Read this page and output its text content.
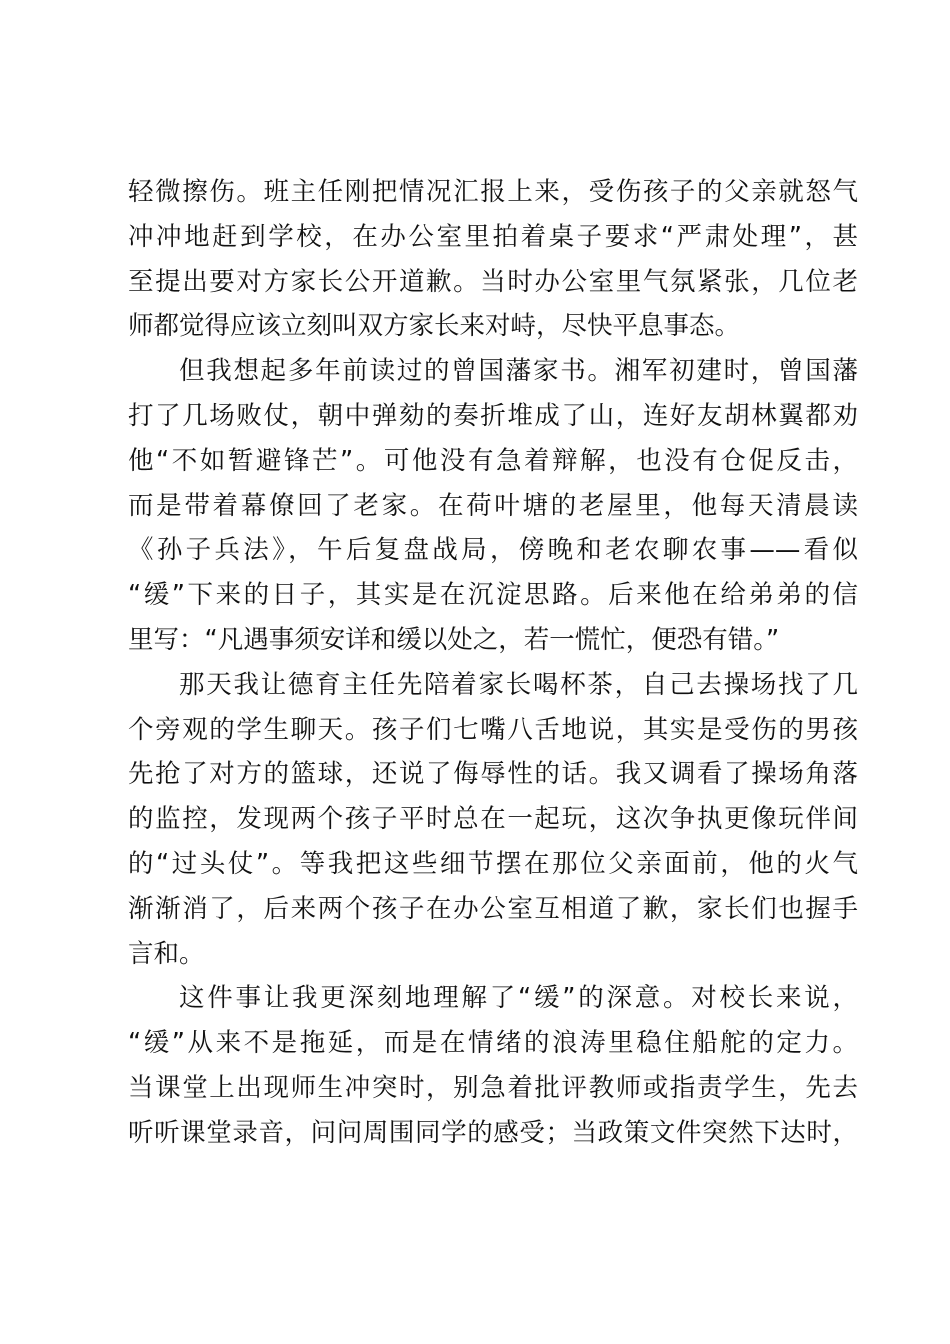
轻微擦伤。班主任刚把情况汇报上来，受伤孩子的父亲就怒气
冲冲地赶到学校，在办公室里拍着桌子要求“严肃处理”，甚
至提出要对方家长公开道歉。当时办公室里气氛紧张，几位老
师都觉得应该立刻叫双方家长来对峙，尽快平息事态。
但我想起多年前读过的曾国藩家书。湘军初建时，曾国藩
打了几场败仗，朝中弹劾的奏折堆成了山，连好友胡林翼都劝
他“不如暂避锋芒”。可他没有急着辩解，也没有仓促反击，
而是带着幕僚回了老家。在荷叶塘的老屋里，他每天清晨读
《孙子兵法》，午后复盘战局，傍晚和老农聊农事——看似
“缓”下来的日子，其实是在沉淀思路。后来他在给弟弟的信
里写：“凡遇事须安详和缓以处之，若一慌忙，便恐有错。”
那天我让德育主任先陪着家长喝杯茶，自己去操场找了几
个旁观的学生聊天。孩子们七嘴八舌地说，其实是受伤的男孩
先抢了对方的篮球，还说了侮辱性的话。我又调看了操场角落
的监控，发现两个孩子平时总在一起玩，这次争执更像玩伴间
的“过头仗”。等我把这些细节摆在那位父亲面前，他的火气
渐渐消了，后来两个孩子在办公室互相道了歉，家长们也握手
言和。
这件事让我更深刻地理解了“缓”的深意。对校长来说，
“缓”从来不是拖延，而是在情绪的浪涛里稳住船舵的定力。
当课堂上出现师生冲突时，别急着批评教师或指责学生，先去
听听课堂录音，问问周围同学的感受；当政策文件突然下达时，
